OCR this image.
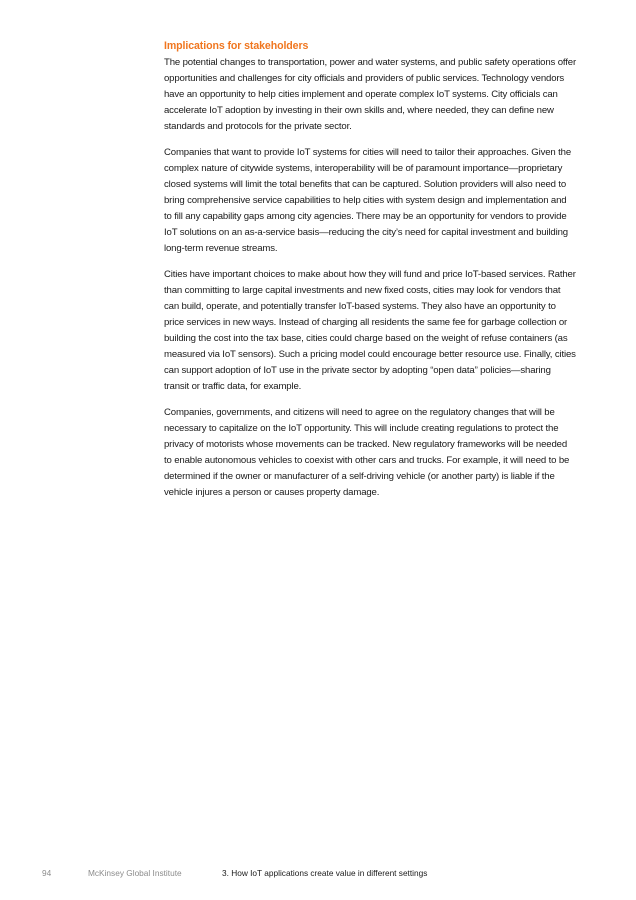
Implications for stakeholders

The potential changes to transportation, power and water systems, and public safety operations offer opportunities and challenges for city officials and providers of public services. Technology vendors have an opportunity to help cities implement and operate complex IoT systems. City officials can accelerate IoT adoption by investing in their own skills and, where needed, they can define new standards and protocols for the private sector.

Companies that want to provide IoT systems for cities will need to tailor their approaches. Given the complex nature of citywide systems, interoperability will be of paramount importance—proprietary closed systems will limit the total benefits that can be captured. Solution providers will also need to bring comprehensive service capabilities to help cities with system design and implementation and to fill any capability gaps among city agencies. There may be an opportunity for vendors to provide IoT solutions on an as-a-service basis—reducing the city’s need for capital investment and building long-term revenue streams.

Cities have important choices to make about how they will fund and price IoT-based services. Rather than committing to large capital investments and new fixed costs, cities may look for vendors that can build, operate, and potentially transfer IoT-based systems. They also have an opportunity to price services in new ways. Instead of charging all residents the same fee for garbage collection or building the cost into the tax base, cities could charge based on the weight of refuse containers (as measured via IoT sensors). Such a pricing model could encourage better resource use. Finally, cities can support adoption of IoT use in the private sector by adopting “open data” policies—sharing transit or traffic data, for example.

Companies, governments, and citizens will need to agree on the regulatory changes that will be necessary to capitalize on the IoT opportunity. This will include creating regulations to protect the privacy of motorists whose movements can be tracked. New regulatory frameworks will be needed to enable autonomous vehicles to coexist with other cars and trucks. For example, it will need to be determined if the owner or manufacturer of a self-driving vehicle (or another party) is liable if the vehicle injures a person or causes property damage.

94	McKinsey Global Institute	3. How IoT applications create value in different settings
